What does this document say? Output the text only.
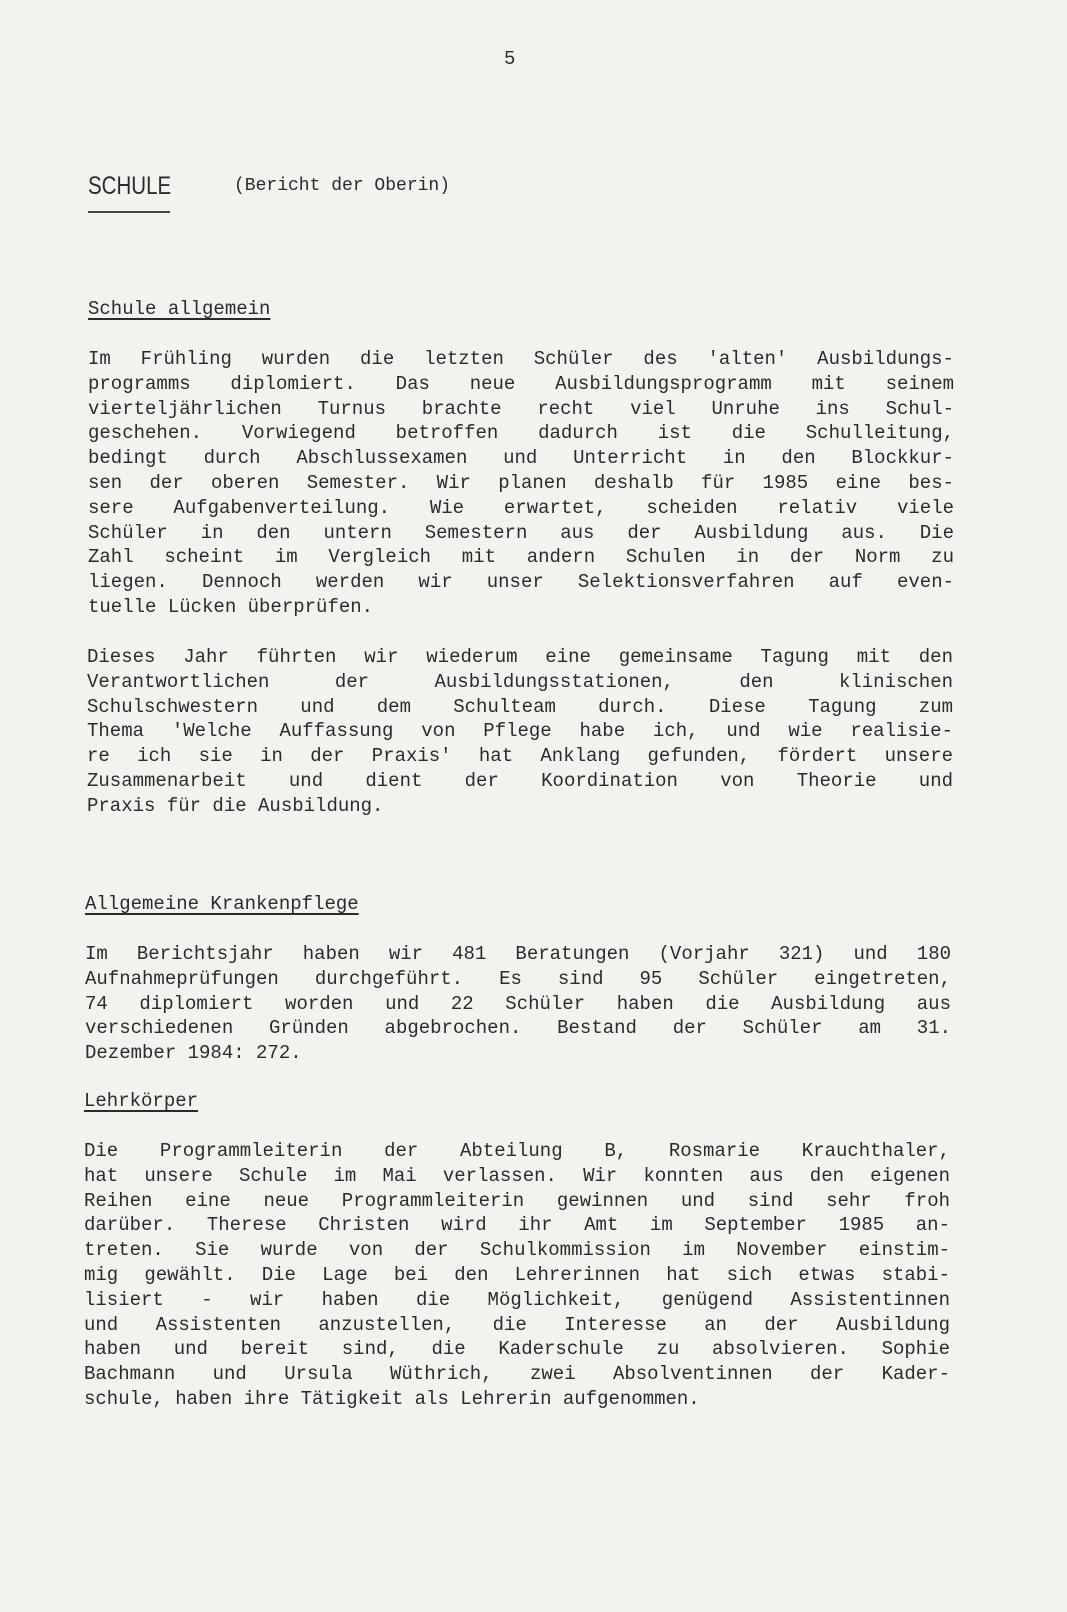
5
SCHULE	(Bericht der Oberin)
Schule allgemein
Im Frühling wurden die letzten Schüler des 'alten' Ausbildungs-
programms diplomiert. Das neue Ausbildungsprogramm mit seinem
vierteljährlichen Turnus brachte recht viel Unruhe ins Schul-
geschehen. Vorwiegend betroffen dadurch ist die Schulleitung,
bedingt durch Abschlussexamen und Unterricht in den Blockkur-
sen der oberen Semester. Wir planen deshalb für 1985 eine bes-
sere Aufgabenverteilung. Wie erwartet, scheiden relativ viele
Schüler in den untern Semestern aus der Ausbildung aus. Die
Zahl scheint im Vergleich mit andern Schulen in der Norm zu
liegen. Dennoch werden wir unser Selektionsverfahren auf even-
tuelle Lücken überprüfen.
Dieses Jahr führten wir wiederum eine gemeinsame Tagung mit den
Verantwortlichen der Ausbildungsstationen, den klinischen
Schulschwestern und dem Schulteam durch. Diese Tagung zum
Thema 'Welche Auffassung von Pflege habe ich, und wie realisie-
re ich sie in der Praxis' hat Anklang gefunden, fördert unsere
Zusammenarbeit und dient der Koordination von Theorie und
Praxis für die Ausbildung.
Allgemeine Krankenpflege
Im Berichtsjahr haben wir 481 Beratungen (Vorjahr 321) und 180
Aufnahmeprüfungen durchgeführt. Es sind 95 Schüler eingetreten,
74 diplomiert worden und 22 Schüler haben die Ausbildung aus
verschiedenen Gründen abgebrochen. Bestand der Schüler am 31.
Dezember 1984: 272.
Lehrkörper
Die Programmleiterin der Abteilung B, Rosmarie Krauchthaler,
hat unsere Schule im Mai verlassen. Wir konnten aus den eigenen
Reihen eine neue Programmleiterin gewinnen und sind sehr froh
darüber. Therese Christen wird ihr Amt im September 1985 an-
treten. Sie wurde von der Schulkommission im November einstim-
mig gewählt. Die Lage bei den Lehrerinnen hat sich etwas stabi-
lisiert - wir haben die Möglichkeit, genügend Assistentinnen
und Assistenten anzustellen, die Interesse an der Ausbildung
haben und bereit sind, die Kaderschule zu absolvieren. Sophie
Bachmann und Ursula Wüthrich, zwei Absolventinnen der Kader-
schule, haben ihre Tätigkeit als Lehrerin aufgenommen.
